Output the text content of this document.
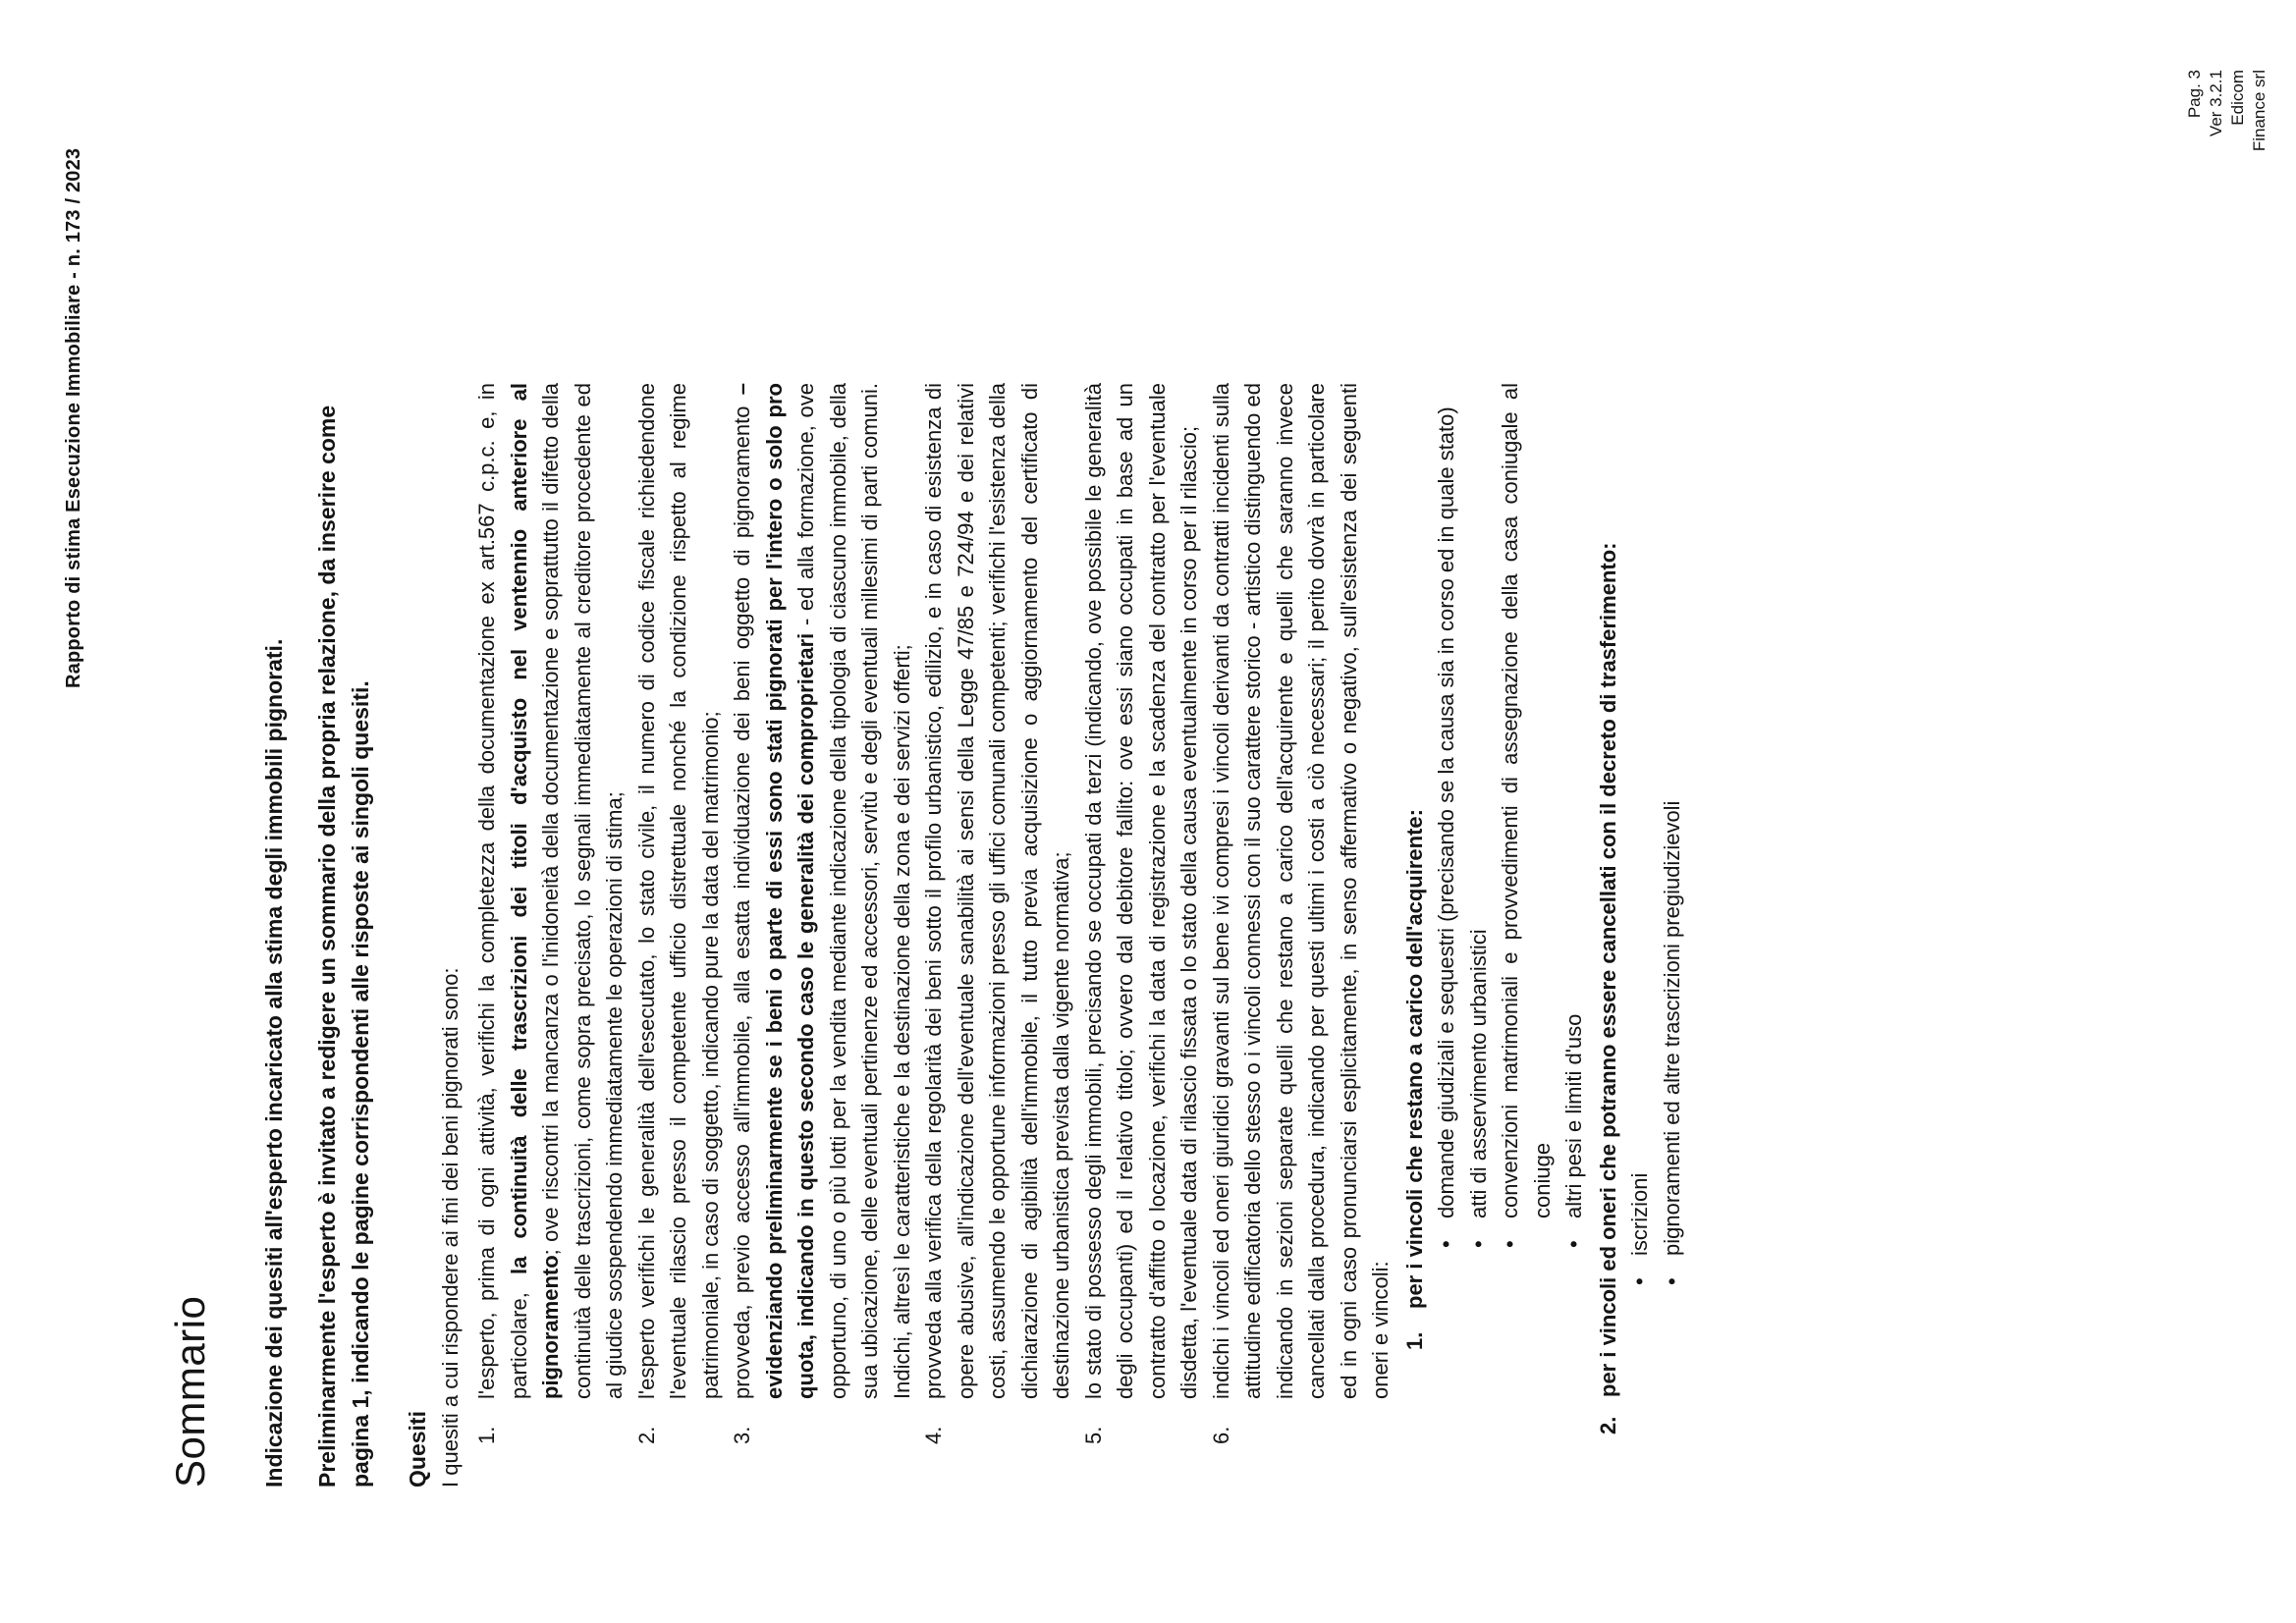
Rapporto di stima Esecuzione Immobiliare - n. 173 / 2023
Sommario Indicazione dei quesiti all'esperto incaricato alla stima degli immobili pignorati. Preliminarmente l'esperto è invitato a redigere un sommario della propria relazione, da inserire come pagina 1, indicando le pagine corrispondenti alle risposte ai singoli quesiti. Quesiti I quesiti a cui rispondere ai fini dei beni pignorati sono: 1.
l'esperto, prima di ogni attività, verifichi la completezza della documentazione ex art.567 c.p.c. e, in particolare, la continuità delle trascrizioni dei titoli d'acquisto nel ventennio anteriore al pignoramento; ove riscontri la mancanza o l'inidoneità della documentazione e soprattutto il difetto della continuità delle trascrizioni, come sopra precisato, lo segnali immediatamente al creditore procedente ed al giudice sospendendo immediatamente le operazioni di stima;
2.
l'esperto verifichi le generalità dell'esecutato, lo stato civile, il numero di codice fiscale richiedendone l'eventuale rilascio presso il competente ufficio distrettuale nonché la condizione rispetto al regime patrimoniale, in caso di soggetto, indicando pure la data del matrimonio;
3.
provveda, previo accesso all'immobile, alla esatta individuazione dei beni oggetto di pignoramento – evidenziando preliminarmente se i beni o parte di essi sono stati pignorati per l'intero o solo pro quota, indicando in questo secondo caso le generalità dei comproprietari - ed alla formazione, ove opportuno, di uno o più lotti per la vendita mediante indicazione della tipologia di ciascuno immobile, della sua ubicazione, delle eventuali pertinenze ed accessori, servitù e degli eventuali millesimi di parti comuni. Indichi, altresì le caratteristiche e la destinazione della zona e dei servizi offerti;
4.
provveda alla verifica della regolarità dei beni sotto il profilo urbanistico, edilizio, e in caso di esistenza di opere abusive, all'indicazione dell'eventuale sanabilità ai sensi della Legge 47/85 e 724/94 e dei relativi costi, assumendo le opportune informazioni presso gli uffici comunali competenti; verifichi l'esistenza della dichiarazione di agibilità dell'immobile, il tutto previa acquisizione o aggiornamento del certificato di destinazione urbanistica prevista dalla vigente normativa;
5.
lo stato di possesso degli immobili, precisando se occupati da terzi (indicando, ove possibile le generalità degli occupanti) ed il relativo titolo; ovvero dal debitore fallito: ove essi siano occupati in base ad un contratto d'affitto o locazione, verifichi la data di registrazione e la scadenza del contratto per l'eventuale disdetta, l'eventuale data di rilascio fissata o lo stato della causa eventualmente in corso per il rilascio;
6.
indichi i vincoli ed oneri giuridici gravanti sul bene ivi compresi i vincoli derivanti da contratti incidenti sulla attitudine edificatoria dello stesso o i vincoli connessi con il suo carattere storico - artistico distinguendo ed indicando in sezioni separate quelli che restano a carico dell'acquirente e quelli che saranno invece cancellati dalla procedura, indicando per questi ultimi i costi a ciò necessari; il perito dovrà in particolare ed in ogni caso pronunciarsi esplicitamente, in senso affermativo o negativo, sull'esistenza dei seguenti oneri e vincoli: 1.
per i vincoli che restano a carico dell'acquirente: • domande giudiziali e sequestri (precisando se la causa sia in corso ed in quale stato) • atti di asservimento urbanistici • convenzioni matrimoniali e provvedimenti di assegnazione della casa coniugale al coniuge • altri pesi e limiti d'uso
2.
per i vincoli ed oneri che potranno essere cancellati con il decreto di trasferimento: • iscrizioni • pignoramenti ed altre trascrizioni pregiudizievoli
Pag. 3 Ver 3.2.1 Edicom Finance srl
